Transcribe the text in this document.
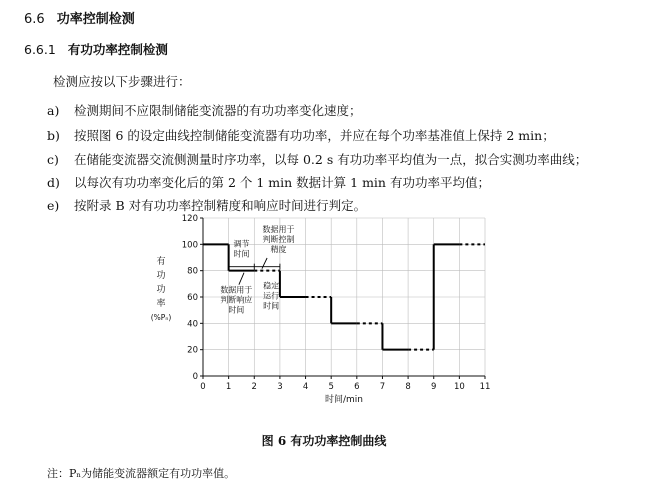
6.6 功率控制检测
6.6.1 有功功率控制检测
检测应按以下步骤进行：
a) 检测期间不应限制储能变流器的有功功率变化速度；
b) 按照图 6 的设定曲线控制储能变流器有功功率，并应在每个功率基准值上保持 2 min；
c) 在储能变流器交流侧测量时序功率，以每 0.2 s 有功功率平均值为一点，拟合实测功率曲线；
d) 以每次有功功率变化后的第 2 个 1 min 数据计算 1 min 有功功率平均值；
e) 按附录 B 对有功功率控制精度和响应时间进行判定。
有
功
功
率
(%Pₙ)
0
20
40
60
80
100
120
0 1 2 3 4 5 6 7 8 9 10 11
调节
时间
数据用于
判断控制
精度
数据用于
判断响应
时间
稳定
运行
时间
时间/min
图 6 有功功率控制曲线
注：Pₙ为储能变流器额定有功功率值。
